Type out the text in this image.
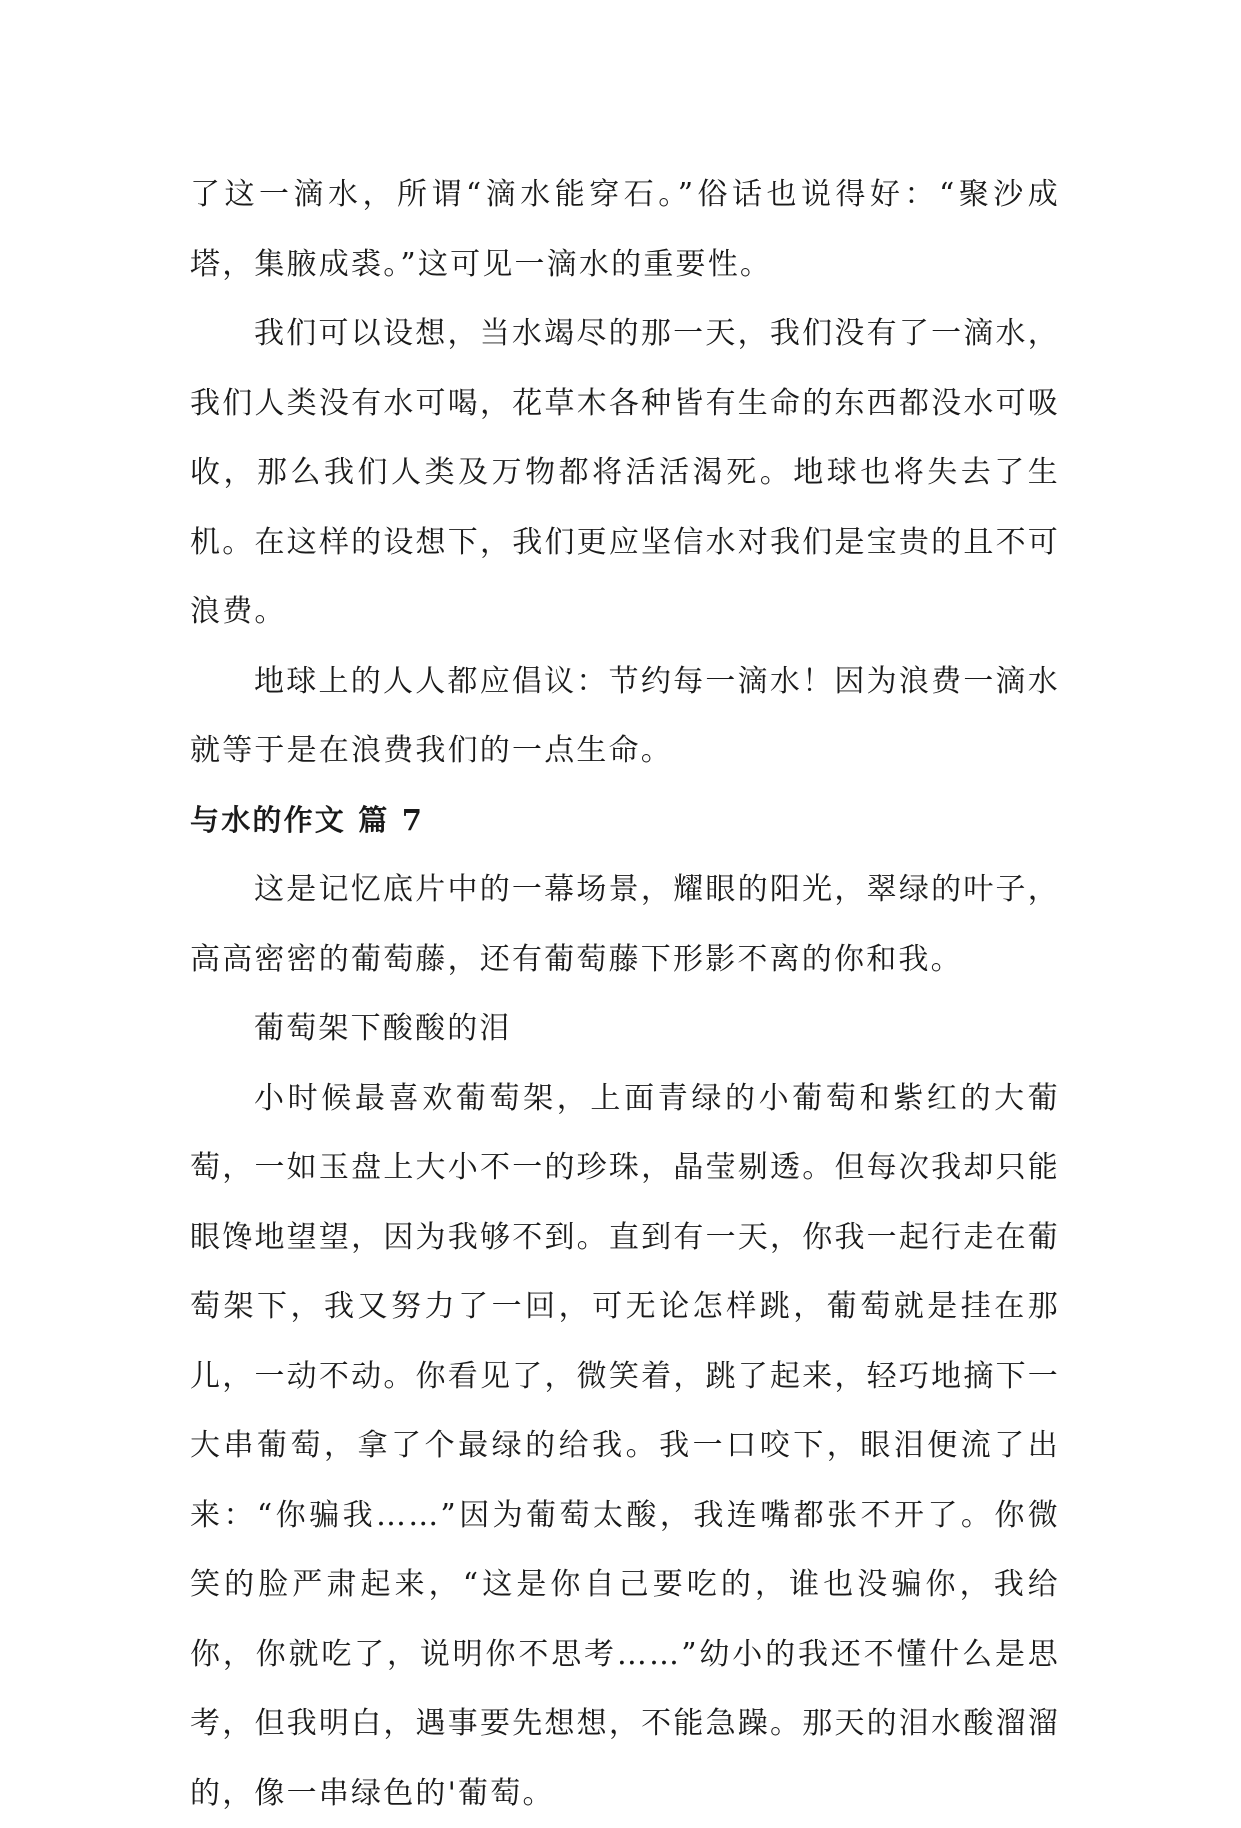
了这一滴水，所谓“滴水能穿石。”俗话也说得好：“聚沙成塔，集腋成裘。”这可见一滴水的重要性。

我们可以设想，当水竭尽的那一天，我们没有了一滴水，我们人类没有水可喝，花草木各种皆有生命的东西都没水可吸收，那么我们人类及万物都将活活渴死。地球也将失去了生机。在这样的设想下，我们更应坚信水对我们是宝贵的且不可浪费。

地球上的人人都应倡议：节约每一滴水！因为浪费一滴水就等于是在浪费我们的一点生命。

与水的作文 篇 7

这是记忆底片中的一幕场景，耀眼的阳光，翠绿的叶子，高高密密的葡萄藤，还有葡萄藤下形影不离的你和我。

葡萄架下酸酸的泪

小时候最喜欢葡萄架，上面青绿的小葡萄和紫红的大葡萄，一如玉盘上大小不一的珍珠，晶莹剔透。但每次我却只能眼馋地望望，因为我够不到。直到有一天，你我一起行走在葡萄架下，我又努力了一回，可无论怎样跳，葡萄就是挂在那儿，一动不动。你看见了，微笑着，跳了起来，轻巧地摘下一大串葡萄，拿了个最绿的给我。我一口咬下，眼泪便流了出来：“你骗我……”因为葡萄太酸，我连嘴都张不开了。你微笑的脸严肃起来，“这是你自己要吃的，谁也没骗你，我给你，你就吃了，说明你不思考……”幼小的我还不懂什么是思考，但我明白，遇事要先想想，不能急躁。那天的泪水酸溜溜的，像一串绿色的'葡萄。
